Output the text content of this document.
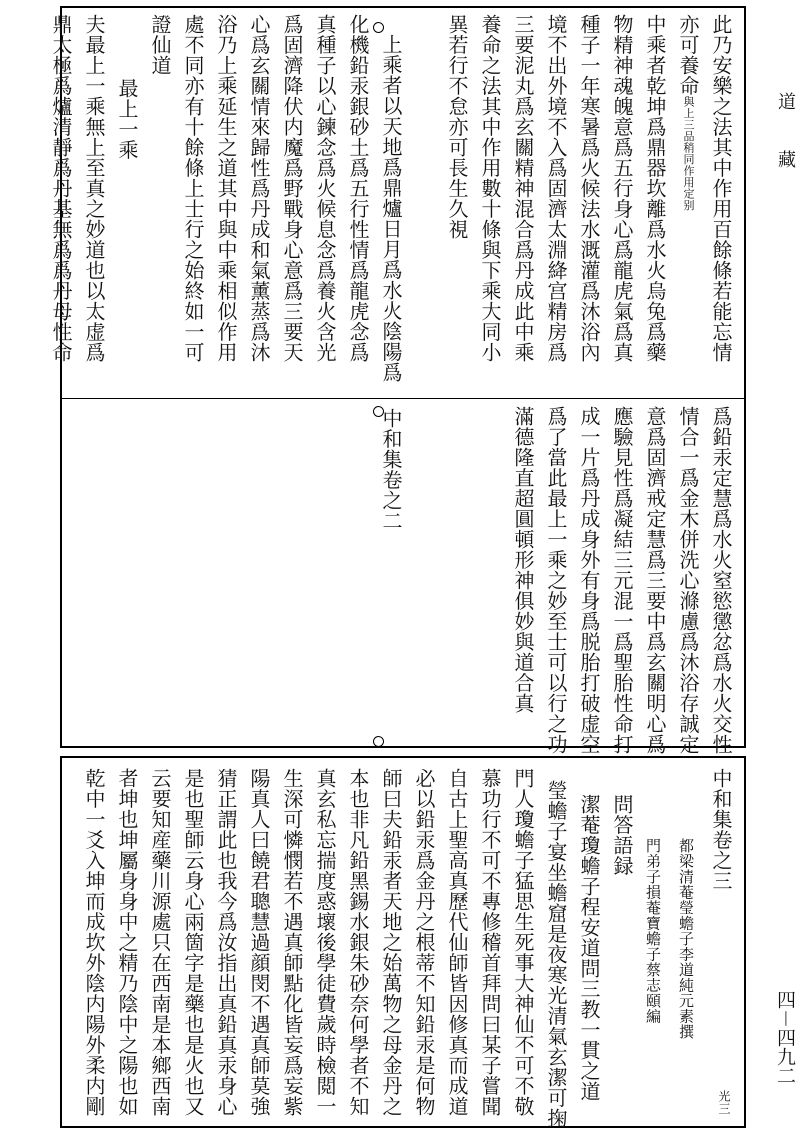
道
藏
四－四九二
此乃安樂之法其中作用百餘條若能忘情
亦可養命與上三品稍同作用定别
中乘者乾坤爲鼎器坎離爲水火烏兔爲藥
物精神魂魄意爲五行身心爲龍虎氣爲真
種子一年寒暑爲火候法水溉灌爲沐浴內
境不出外境不入爲固濟太淵絳宫精房爲
三要泥丸爲玄關精神混合爲丹成此中乘
養命之法其中作用數十條與下乘大同小
異若行不怠亦可長生久視
上乘者以天地爲鼎爐日月爲水火陰陽爲
化機鉛汞銀砂土爲五行性情爲龍虎念爲
真種子以心鍊念爲火候息念爲養火含光
爲固濟降伏内魔爲野戰身心意爲三要天
心爲玄關情來歸性爲丹成和氣薰蒸爲沐
浴乃上乘延生之道其中與中乘相似作用
處不同亦有十餘條上士行之始終如一可
證仙道
最上一乘
夫最上一乘無上至真之妙道也以太虚爲
鼎太極爲爐清靜爲丹基無爲爲丹母性命
爲鉛汞定慧爲水火窒慾懲忿爲水火交性
情合一爲金木併洗心滌慮爲沐浴存誠定
意爲固濟戒定慧爲三要中爲玄關明心爲
應驗見性爲凝結三元混一爲聖胎性命打
成一片爲丹成身外有身爲脱胎打破虚空
爲了當此最上一乘之妙至士可以行之功
滿德隆直超圓頓形神俱妙與道合真
中和集卷之二
中和集卷之三
都梁清菴瑩蟾子李道純元素撰
門弟子損菴寶蟾子蔡志頤編
問答語録
潔菴瓊蟾子程安道問三教一貫之道
瑩蟾子宴坐蟾窟是夜寒光清氣玄潔可掬
門人瓊蟾子猛思生死事大神仙不可不敬
慕功行不可不專修稽首拜問曰某子嘗聞
自古上聖高真歷代仙師皆因修真而成道
必以鉛汞爲金丹之根蒂不知鉛汞是何物
師曰夫鉛汞者天地之始萬物之母金丹之
本也非凡鉛黑錫水銀朱砂奈何學者不知
真玄私忘揣度惑壞後學徒費歲時檢閲一
生深可憐憫若不遇真師點化皆妄爲妄紫
陽真人曰饒君聰慧過顔閔不遇真師莫強
猜正謂此也我今爲汝指出真鉛真汞身心
是也聖師云身心兩箇字是藥也是火也又
云要知産藥川源處只在西南是本鄉西南
者坤也坤屬身身中之精乃陰中之陽也如
乾中一爻入坤而成坎外陰内陽外柔内剛	光三
